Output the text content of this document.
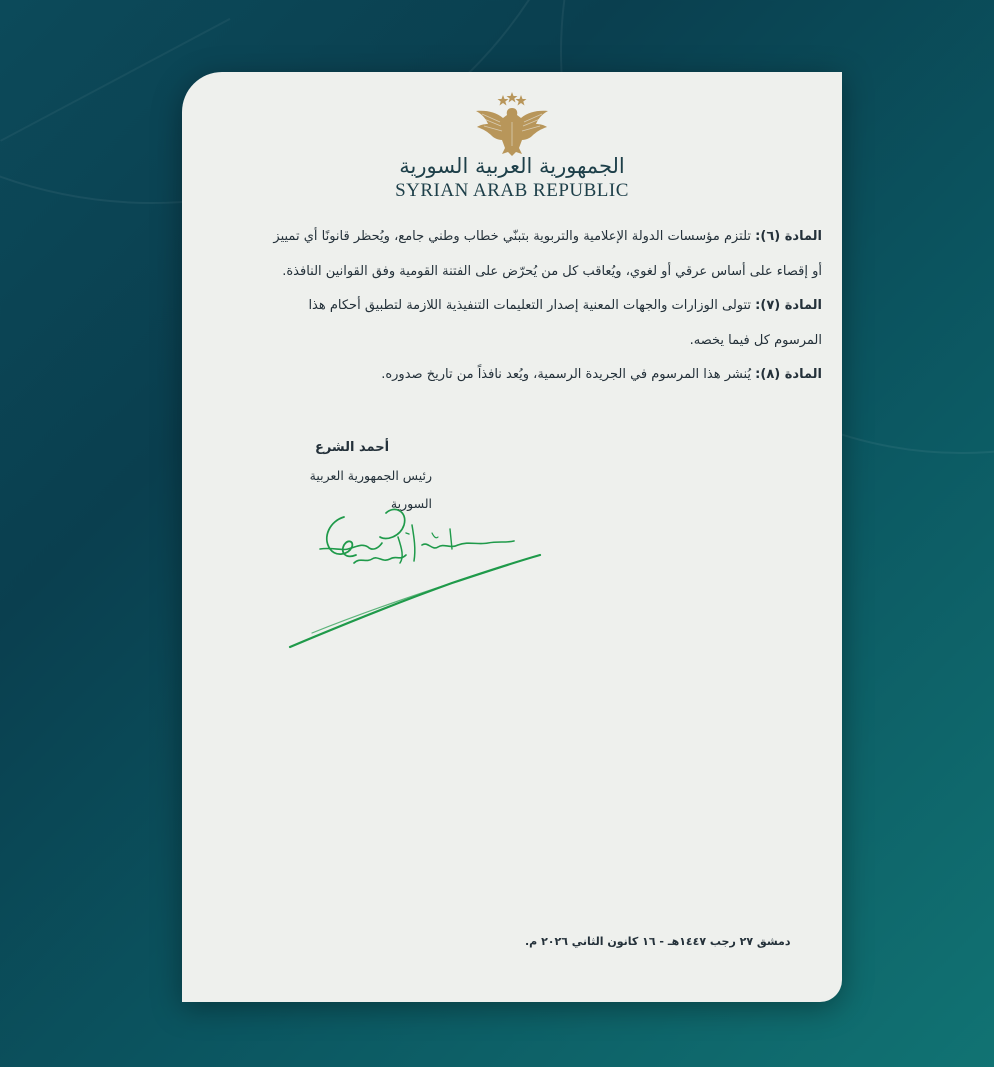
الجمهورية العربية السورية
SYRIAN ARAB REPUBLIC

المادة (٦): تلتزم مؤسسات الدولة الإعلامية والتربوية بتبنّي خطاب وطني جامع، ويُحظر قانونًا أي تمييز أو إقصاء على أساس عرقي أو لغوي، ويُعاقب كل من يُحرّض على الفتنة القومية وفق القوانين النافذة.

المادة (٧): تتولى الوزارات والجهات المعنية إصدار التعليمات التنفيذية اللازمة لتطبيق أحكام هذا المرسوم كل فيما يخصه.

المادة (٨): يُنشر هذا المرسوم في الجريدة الرسمية، ويُعد نافذاً من تاريخ صدوره.

أحمد الشرع
رئيس الجمهورية العربية السورية
دمشق ٢٧ رجب ١٤٤٧هـ - ١٦ كانون الثاني ٢٠٢٦ م.
